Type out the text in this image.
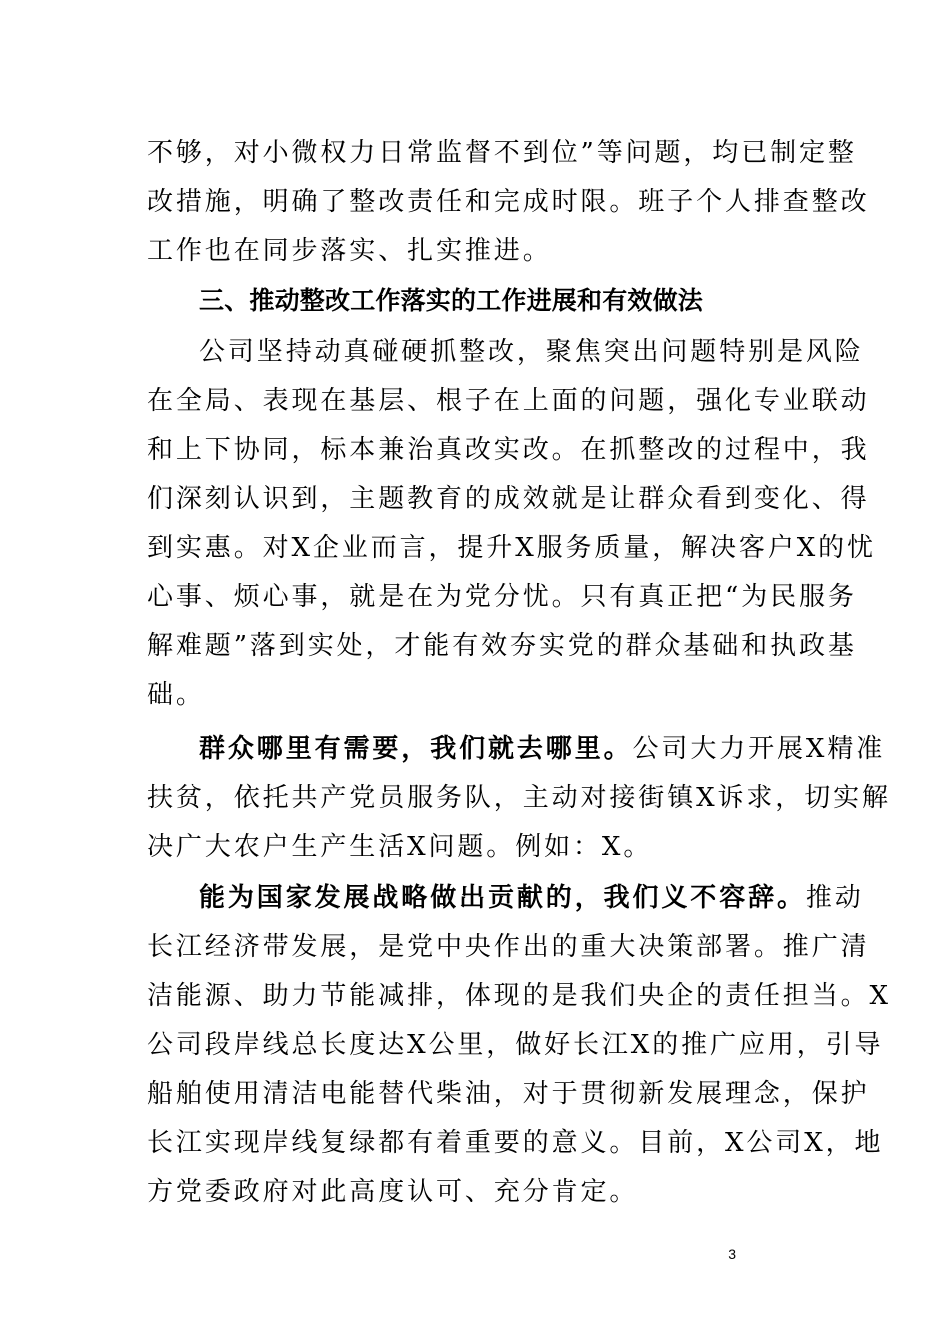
不够，对小微权力日常监督不到位”等问题，均已制定整
改措施，明确了整改责任和完成时限。班子个人排查整改
工作也在同步落实、扎实推进。
三、推动整改工作落实的工作进展和有效做法
公司坚持动真碰硬抓整改，聚焦突出问题特别是风险
在全局、表现在基层、根子在上面的问题，强化专业联动
和上下协同，标本兼治真改实改。在抓整改的过程中，我
们深刻认识到，主题教育的成效就是让群众看到变化、得
到实惠。对X企业而言，提升X服务质量，解决客户X的忧
心事、烦心事，就是在为党分忧。只有真正把“为民服务
解难题”落到实处，才能有效夯实党的群众基础和执政基
础。
群众哪里有需要，我们就去哪里。公司大力开展X精准
扶贫，依托共产党员服务队，主动对接街镇X诉求，切实解
决广大农户生产生活X问题。例如：X。
能为国家发展战略做出贡献的，我们义不容辞。推动
长江经济带发展，是党中央作出的重大决策部署。推广清
洁能源、助力节能减排，体现的是我们央企的责任担当。X
公司段岸线总长度达X公里，做好长江X的推广应用，引导
船舶使用清洁电能替代柴油，对于贯彻新发展理念，保护
长江实现岸线复绿都有着重要的意义。目前，X公司X，地
方党委政府对此高度认可、充分肯定。
3
